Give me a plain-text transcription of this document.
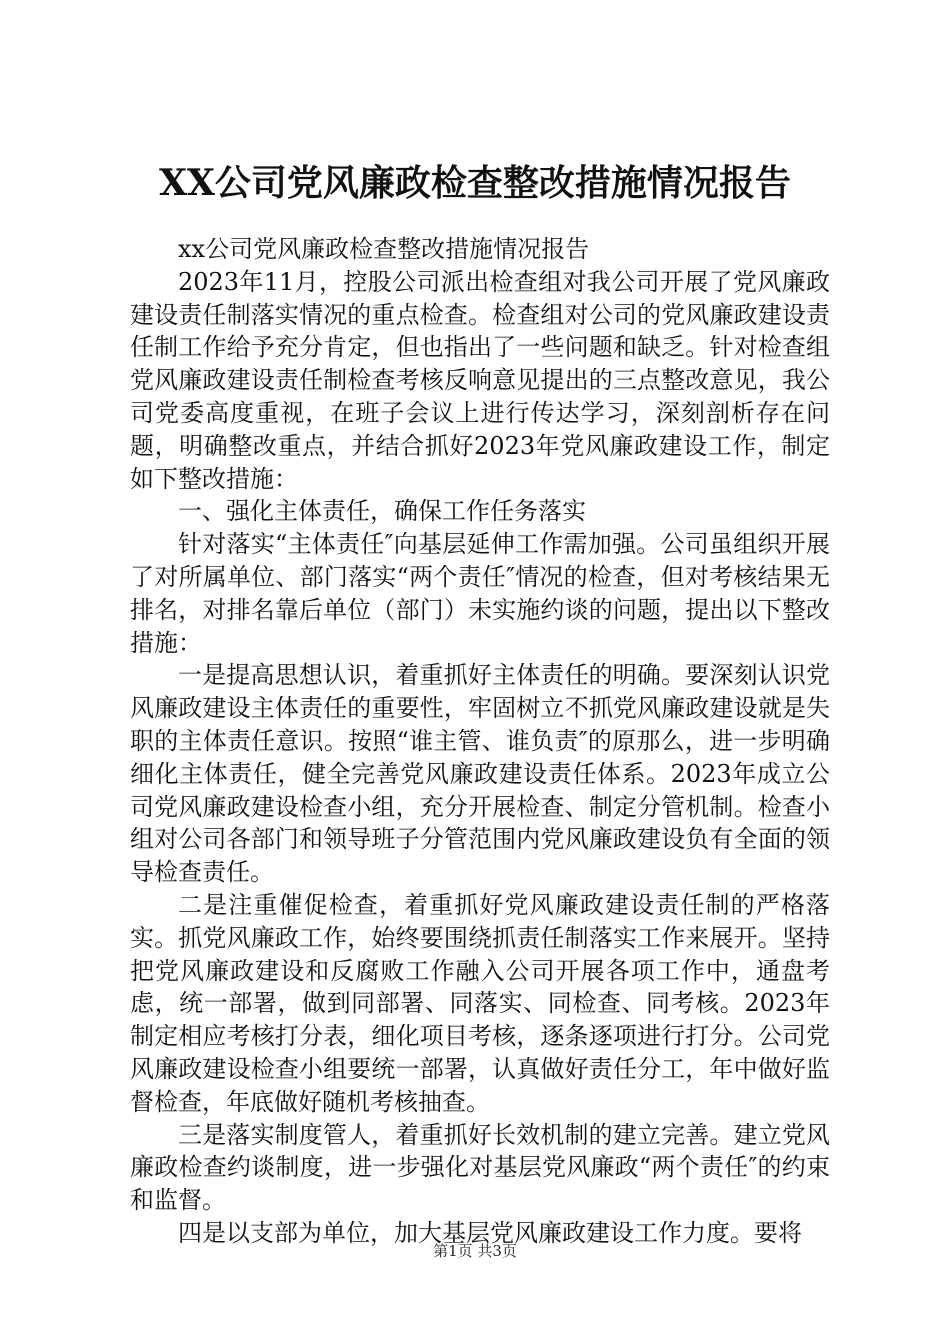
XX公司党风廉政检查整改措施情况报告

xx公司党风廉政检查整改措施情况报告

2023年11月，控股公司派出检查组对我公司开展了党风廉政建设责任制落实情况的重点检查。检查组对公司的党风廉政建设责任制工作给予充分肯定，但也指出了一些问题和缺乏。针对检查组党风廉政建设责任制检查考核反响意见提出的三点整改意见，我公司党委高度重视，在班子会议上进行传达学习，深刻剖析存在问题，明确整改重点，并结合抓好2023年党风廉政建设工作，制定如下整改措施：

一、强化主体责任，确保工作任务落实

针对落实“主体责任″向基层延伸工作需加强。公司虽组织开展了对所属单位、部门落实“两个责任″情况的检查，但对考核结果无排名，对排名靠后单位（部门）未实施约谈的问题，提出以下整改措施：

一是提高思想认识，着重抓好主体责任的明确。要深刻认识党风廉政建设主体责任的重要性，牢固树立不抓党风廉政建设就是失职的主体责任意识。按照“谁主管、谁负责″的原那么，进一步明确细化主体责任，健全完善党风廉政建设责任体系。2023年成立公司党风廉政建设检查小组，充分开展检查、制定分管机制。检查小组对公司各部门和领导班子分管范围内党风廉政建设负有全面的领导检查责任。

二是注重催促检查，着重抓好党风廉政建设责任制的严格落实。抓党风廉政工作，始终要围绕抓责任制落实工作来展开。坚持把党风廉政建设和反腐败工作融入公司开展各项工作中，通盘考虑，统一部署，做到同部署、同落实、同检查、同考核。2023年制定相应考核打分表，细化项目考核，逐条逐项进行打分。公司党风廉政建设检查小组要统一部署，认真做好责任分工，年中做好监督检查，年底做好随机考核抽查。

三是落实制度管人，着重抓好长效机制的建立完善。建立党风廉政检查约谈制度，进一步强化对基层党风廉政“两个责任″的约束和监督。

四是以支部为单位，加大基层党风廉政建设工作力度。要将

第1页 共3页
